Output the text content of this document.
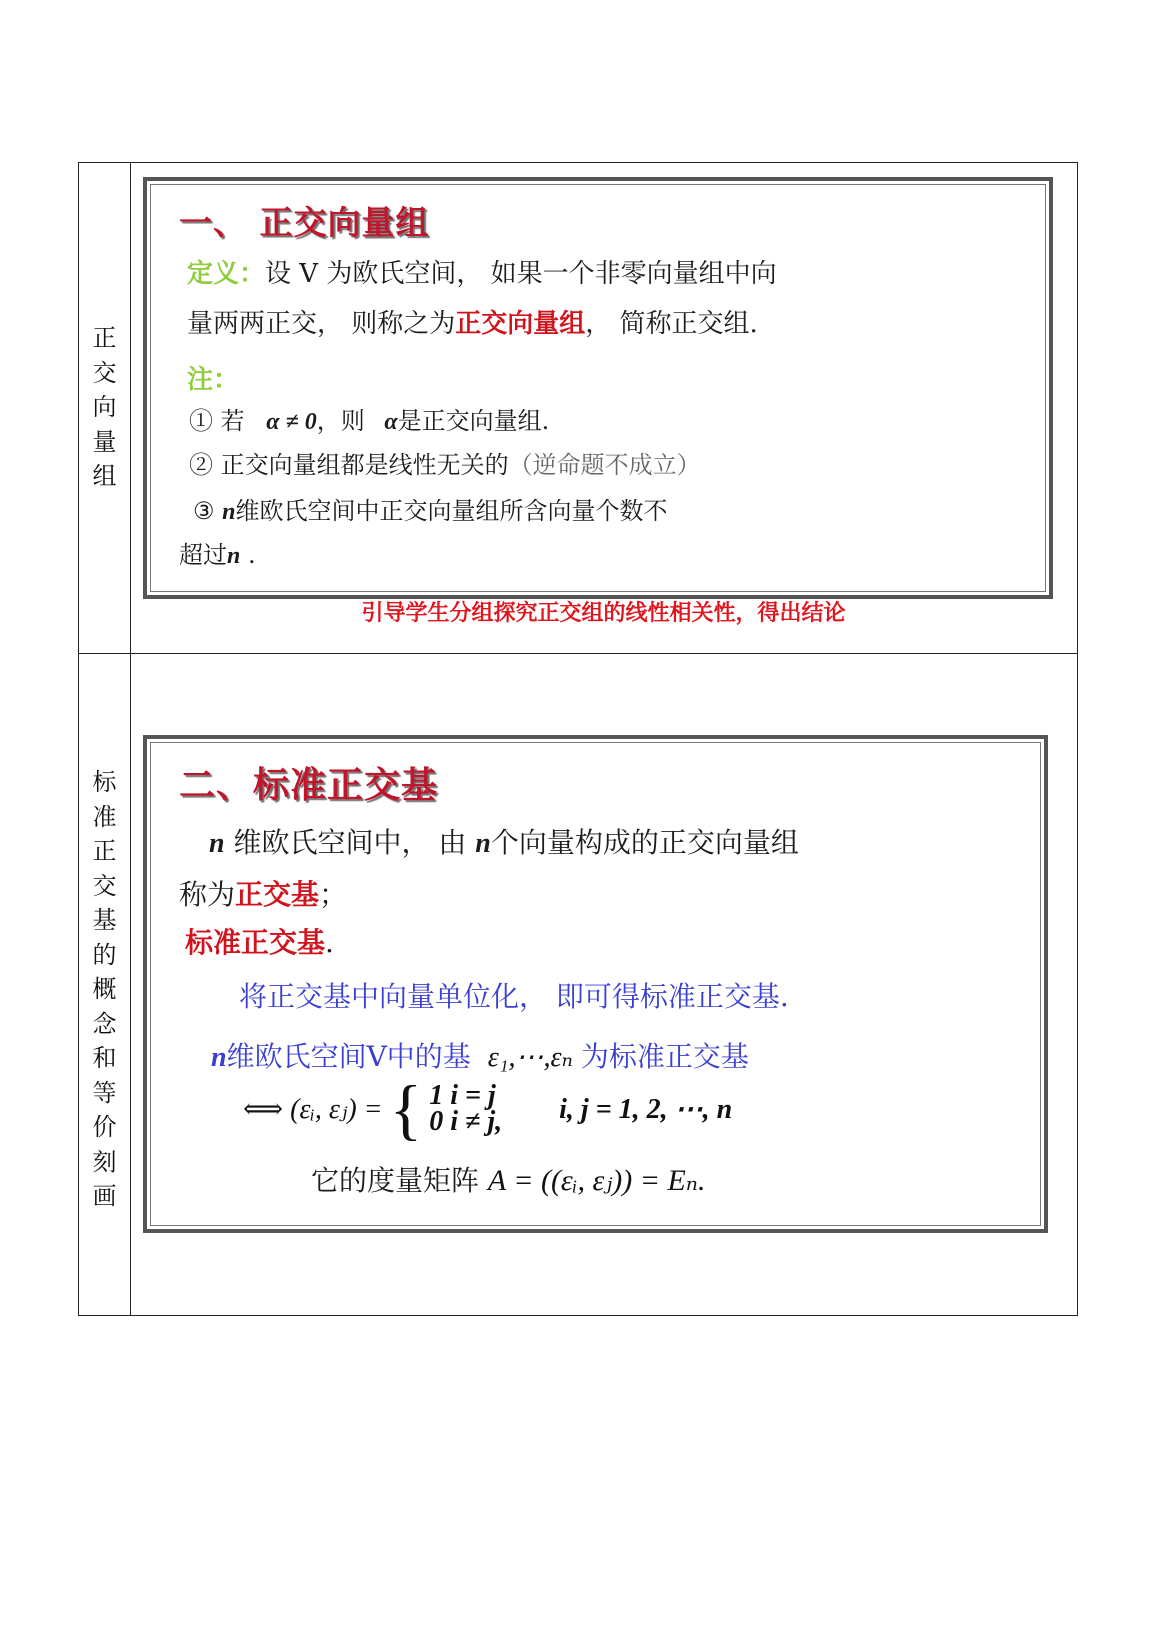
正
交
向
量
组
一、 正交向量组
定义：设 V 为欧氏空间， 如果一个非零向量组中向
量两两正交， 则称之为正交向量组， 简称正交组.
注：
① 若 α ≠ 0，则 α是正交向量组.
② 正交向量组都是线性无关的（逆命题不成立）
③ n维欧氏空间中正交向量组所含向量个数不
超过n .
引导学生分组探究正交组的线性相关性，得出结论
标
准
正
交
基
的
概
念
和
等
价
刻
画
二、标准正交基
n 维欧氏空间中， 由 n个向量构成的正交向量组
称为正交基；
标准正交基.
将正交基中向量单位化， 即可得标准正交基.
n维欧氏空间V中的基 ε₁,⋯,εₙ 为标准正交基
⟺ (εᵢ, εⱼ) = { 1 i = j
0 i ≠ j, i, j = 1, 2, ⋯, n
它的度量矩阵 A = ((εᵢ, εⱼ)) = Eₙ.
